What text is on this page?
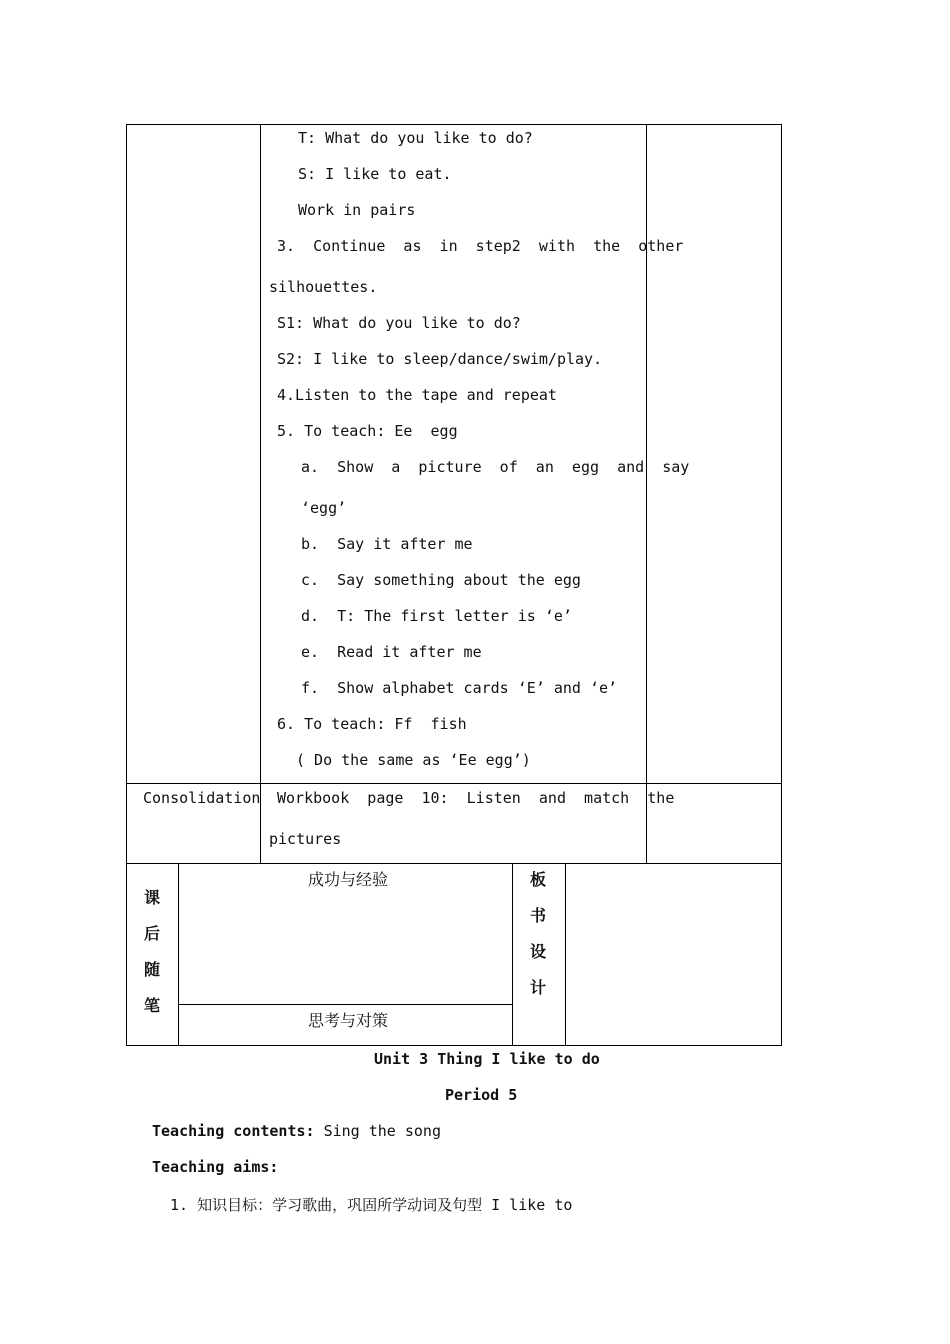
T: What do you like to do?
S: I like to eat.
Work in pairs
3.  Continue  as  in  step2  with  the  other
silhouettes.
S1: What do you like to do?
S2: I like to sleep/dance/swim/play.
4.Listen to the tape and repeat
5. To teach: Ee  egg
a.  Show  a  picture  of  an  egg  and  say
‘egg’
b.  Say it after me
c.  Say something about the egg
d.  T: The first letter is ‘e’
e.  Read it after me
f.  Show alphabet cards ‘E’ and ‘e’
6. To teach: Ff  fish
( Do the same as ‘Ee egg’)
Consolidation Workbook  page  10:  Listen  and  match  the
pictures
课
后
随
笔
成功与经验
思考与对策
板
书
设
计
Unit 3 Thing I like to do
Period 5
Teaching contents: Sing the song
Teaching aims:
1. 知识目标：学习歌曲，巩固所学动词及句型 I like to
